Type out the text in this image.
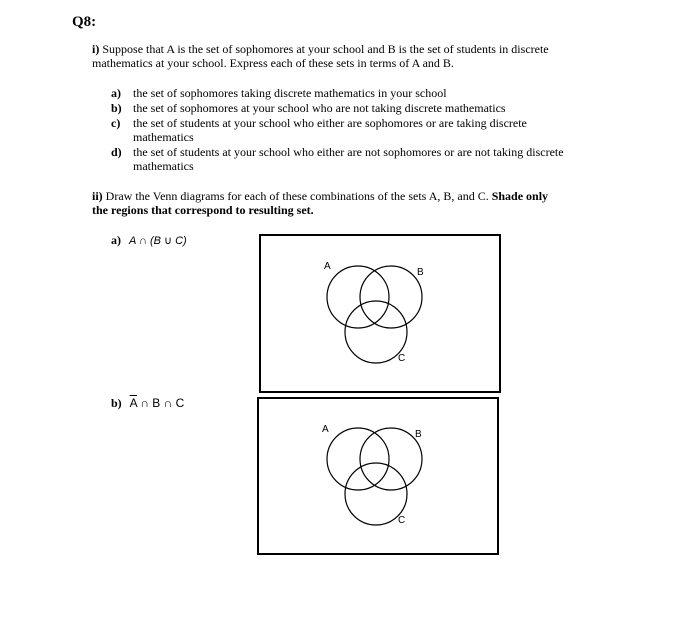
Q8:
i) Suppose that A is the set of sophomores at your school and B is the set of students in discrete
mathematics at your school. Express each of these sets in terms of A and B.
a)	the set of sophomores taking discrete mathematics in your school
b) the set of sophomores at your school who are not taking discrete mathematics
c)	the set of students at your school who either are sophomores or are taking discrete mathematics
d) the set of students at your school who either are not sophomores or are not taking discrete mathematics
ii) Draw the Venn diagrams for each of these combinations of the sets A, B, and C. Shade only
the regions that correspond to resulting set.
a) A ∩ (B ∪ C)
A
B
C
b) $\overline{A}$ ∩ B ∩ C
A	B
C
